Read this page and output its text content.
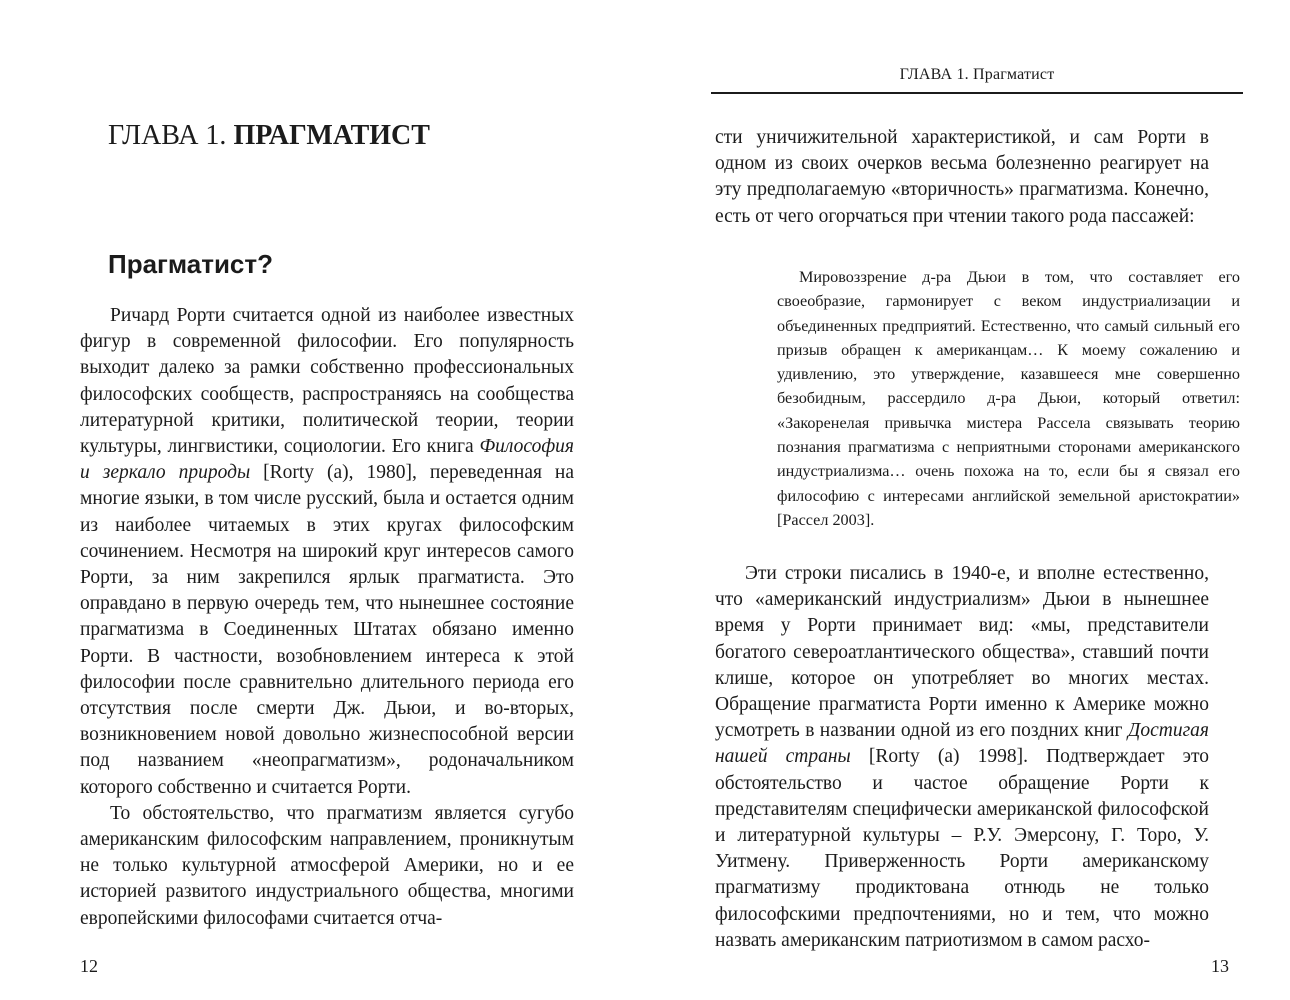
ГЛАВА 1. ПРАГМАТИСТ
Прагматист?

Ричард Рорти считается одной из наиболее известных фигур в современной философии. Его популярность выходит далеко за рамки собственно профессиональных философских сообществ, распространяясь на сообщества литературной критики, политической теории, теории культуры, лингвистики, социологии. Его книга Философия и зеркало природы [Rorty (a), 1980], переведенная на многие языки, в том числе русский, была и остается одним из наиболее читаемых в этих кругах философским сочинением. Несмотря на широкий круг интересов самого Рорти, за ним закрепился ярлык прагматиста. Это оправдано в первую очередь тем, что нынешнее состояние прагматизма в Соединенных Штатах обязано именно Рорти. В частности, возобновлением интереса к этой философии после сравнительно длительного периода его отсутствия после смерти Дж. Дьюи, и во-вторых, возникновением новой довольно жизнеспособной версии под названием «неопрагматизм», родоначальником которого собственно и считается Рорти.

То обстоятельство, что прагматизм является сугубо американским философским направлением, проникнутым не только культурной атмосферой Америки, но и ее историей развитого индустриального общества, многими европейскими философами считается отча-

12
ГЛАВА 1. Прагматист

сти уничижительной характеристикой, и сам Рорти в одном из своих очерков весьма болезненно реагирует на эту предполагаемую «вторичность» прагматизма. Конечно, есть от чего огорчаться при чтении такого рода пассажей:

Мировоззрение д-ра Дьюи в том, что составляет его своеобразие, гармонирует с веком индустриализации и объединенных предприятий. Естественно, что самый сильный его призыв обращен к американцам… К моему сожалению и удивлению, это утверждение, казавшееся мне совершенно безобидным, рассердило д-ра Дьюи, который ответил: «Закоренелая привычка мистера Рассела связывать теорию познания прагматизма с неприятными сторонами американского индустриализма… очень похожа на то, если бы я связал его философию с интересами английской земельной аристократии» [Рассел 2003].

Эти строки писались в 1940-е, и вполне естественно, что «американский индустриализм» Дьюи в нынешнее время у Рорти принимает вид: «мы, представители богатого североатлантического общества», ставший почти клише, которое он употребляет во многих местах. Обращение прагматиста Рорти именно к Америке можно усмотреть в названии одной из его поздних книг Достигая нашей страны [Rorty (a) 1998]. Подтверждает это обстоятельство и частое обращение Рорти к представителям специфически американской философской и литературной культуры – Р.У. Эмерсону, Г. Торо, У. Уитмену. Приверженность Рорти американскому прагматизму продиктована отнюдь не только философскими предпочтениями, но и тем, что можно назвать американским патриотизмом в самом расхо-

13
